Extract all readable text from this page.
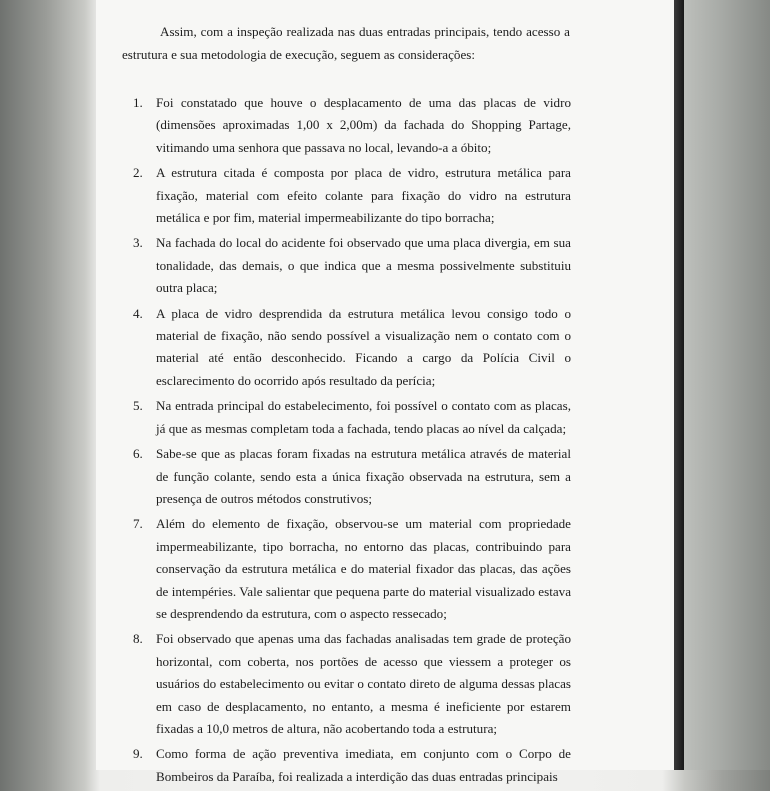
Assim, com a inspeção realizada nas duas entradas principais, tendo acesso a estrutura e sua metodologia de execução, seguem as considerações:

1. Foi constatado que houve o desplacamento de uma das placas de vidro (dimensões aproximadas 1,00 x 2,00m) da fachada do Shopping Partage, vitimando uma senhora que passava no local, levando-a a óbito;
2. A estrutura citada é composta por placa de vidro, estrutura metálica para fixação, material com efeito colante para fixação do vidro na estrutura metálica e por fim, material impermeabilizante do tipo borracha;
3. Na fachada do local do acidente foi observado que uma placa divergia, em sua tonalidade, das demais, o que indica que a mesma possivelmente substituiu outra placa;
4. A placa de vidro desprendida da estrutura metálica levou consigo todo o material de fixação, não sendo possível a visualização nem o contato com o material até então desconhecido. Ficando a cargo da Polícia Civil o esclarecimento do ocorrido após resultado da perícia;
5. Na entrada principal do estabelecimento, foi possível o contato com as placas, já que as mesmas completam toda a fachada, tendo placas ao nível da calçada;
6. Sabe-se que as placas foram fixadas na estrutura metálica através de material de função colante, sendo esta a única fixação observada na estrutura, sem a presença de outros métodos construtivos;
7. Além do elemento de fixação, observou-se um material com propriedade impermeabilizante, tipo borracha, no entorno das placas, contribuindo para conservação da estrutura metálica e do material fixador das placas, das ações de intempéries. Vale salientar que pequena parte do material visualizado estava se desprendendo da estrutura, com o aspecto ressecado;
8. Foi observado que apenas uma das fachadas analisadas tem grade de proteção horizontal, com coberta, nos portões de acesso que viessem a proteger os usuários do estabelecimento ou evitar o contato direto de alguma dessas placas em caso de desplacamento, no entanto, a mesma é ineficiente por estarem fixadas a 10,0 metros de altura, não acobertando toda a estrutura;
9. Como forma de ação preventiva imediata, em conjunto com o Corpo de Bombeiros da Paraíba, foi realizada a interdição das duas entradas principais
